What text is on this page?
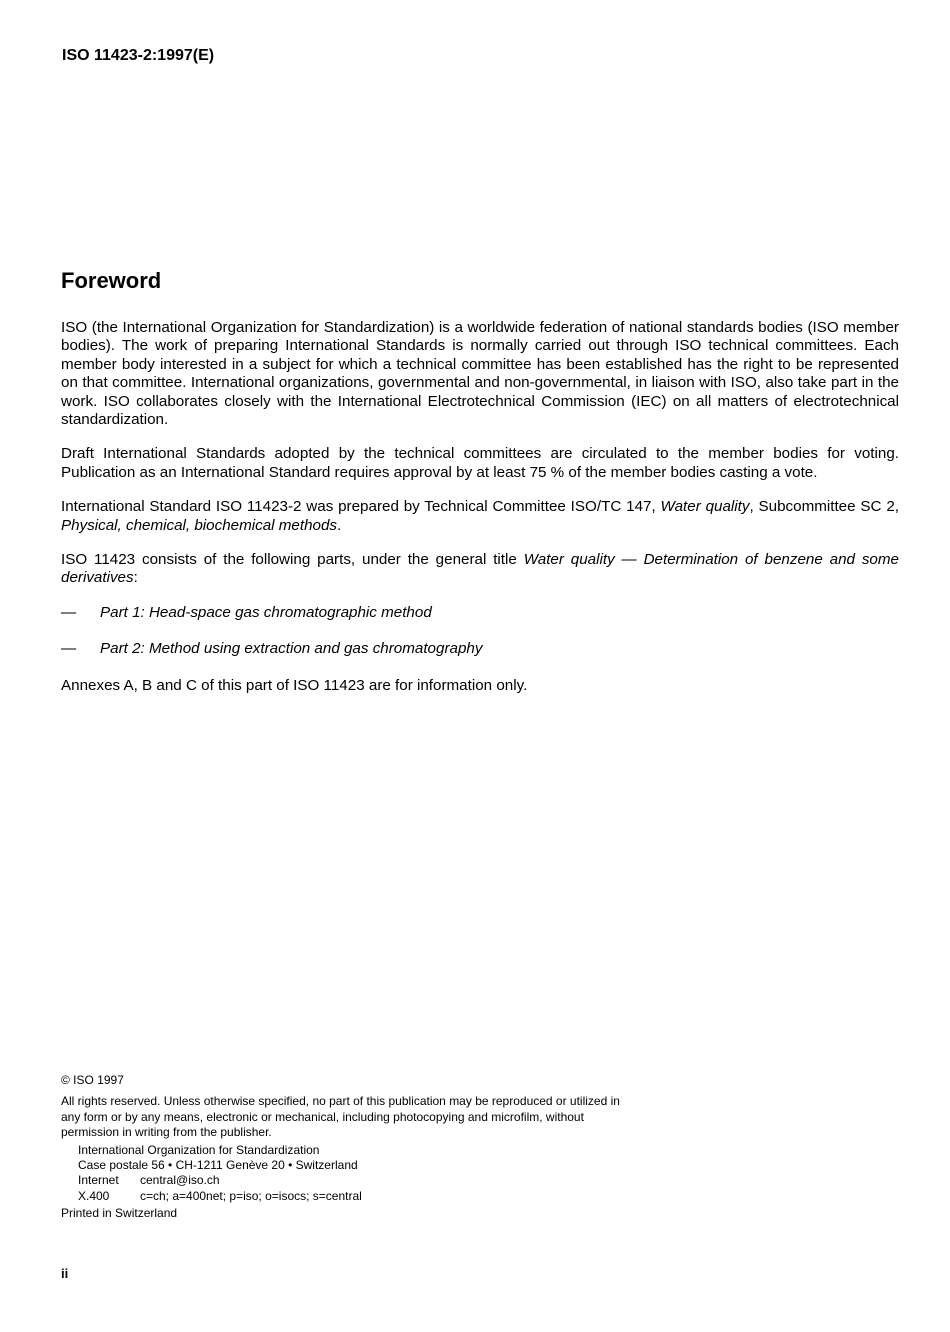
ISO 11423-2:1997(E)
Foreword

ISO (the International Organization for Standardization) is a worldwide federation of national standards bodies (ISO member bodies). The work of preparing International Standards is normally carried out through ISO technical committees. Each member body interested in a subject for which a technical committee has been established has the right to be represented on that committee. International organizations, governmental and non-governmental, in liaison with ISO, also take part in the work. ISO collaborates closely with the International Electrotechnical Commission (IEC) on all matters of electrotechnical standardization.

Draft International Standards adopted by the technical committees are circulated to the member bodies for voting. Publication as an International Standard requires approval by at least 75 % of the member bodies casting a vote.

International Standard ISO 11423-2 was prepared by Technical Committee ISO/TC 147, Water quality, Subcommittee SC 2, Physical, chemical, biochemical methods.

ISO 11423 consists of the following parts, under the general title Water quality — Determination of benzene and some derivatives:

—	Part 1: Head-space gas chromatographic method
—	Part 2: Method using extraction and gas chromatography

Annexes A, B and C of this part of ISO 11423 are for information only.

© ISO 1997
All rights reserved. Unless otherwise specified, no part of this publication may be reproduced or utilized in any form or by any means, electronic or mechanical, including photocopying and microfilm, without permission in writing from the publisher.
International Organization for Standardization
Case postale 56 • CH-1211 Genève 20 • Switzerland
Internet	central@iso.ch
X.400	c=ch; a=400net; p=iso; o=isocs; s=central
Printed in Switzerland
ii
